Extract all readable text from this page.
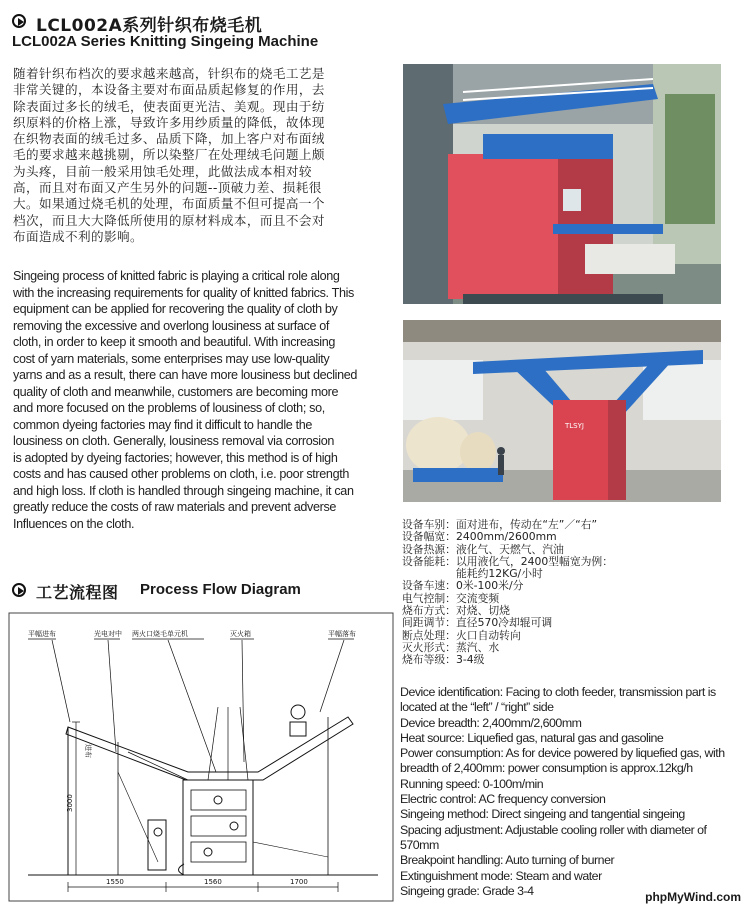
LCL002A系列针织布烧毛机
LCL002A Series Knitting Singeing Machine
随着针织布档次的要求越来越高，针织布的烧毛工艺是
非常关键的，本设备主要对布面品质起修复的作用，去
除表面过多长的绒毛，使表面更光洁、美观。现由于纺
织原料的价格上涨，导致许多用纱质量的降低，故体现
在织物表面的绒毛过多、品质下降，加上客户对布面绒
毛的要求越来越挑剔，所以染整厂在处理绒毛问题上颇
为头疼，目前一般采用蚀毛处理，此做法成本相对较
高，而且对布面又产生另外的问题--顶破力差、损耗很
大。如果通过烧毛机的处理，布面质量不但可提高一个
档次，而且大大降低所使用的原材料成本，而且不会对
布面造成不利的影响。
Singeing process of knitted fabric is playing a critical role along
with the increasing requirements for quality of knitted fabrics. This
equipment can be applied for recovering the quality of cloth by
removing the excessive and overlong lousiness at surface of
cloth, in order to keep it smooth and beautiful. With increasing
cost of yarn materials, some enterprises may use low-quality
yarns and as a result, there can have more lousiness but declined
quality of cloth and meanwhile, customers are becoming more
and more focused on the problems of lousiness of cloth; so,
common dyeing factories may find it difficult to handle the
lousiness on cloth. Generally, lousiness removal via corrosion
is adopted by dyeing factories; however, this method is of high
costs and has caused other problems on cloth, i.e. poor strength
and high loss. If cloth is handled through singeing machine, it can
greatly reduce the costs of raw materials and prevent adverse
Influences on the cloth.
TLSYJ
工艺流程图 Process Flow Diagram
平幅进布	光电对中 两火口烧毛单元机	灭火箱	平幅落布
进布
3000
1550	1560	1700
设备车别：面对进布，传动在“左”／“右”
设备幅宽：2400mm/2600mm
设备热源：液化气、天燃气、汽油
设备能耗：以用液化气，2400型幅宽为例：
　　　　　能耗约12KG/小时
设备车速：0米-100米/分
电气控制：交流变频
烧布方式：对烧、切烧
间距调节：直径570冷却辊可调
断点处理：火口自动转向
灭火形式：蒸汽、水
烧布等级：3-4级
Device identification: Facing to cloth feeder, transmission part is located at the “left” / “right” side
Device breadth: 2,400mm/2,600mm
Heat source: Liquefied gas, natural gas and gasoline
Power consumption: As for device powered by liquefied gas, with breadth of 2,400mm: power consumption is approx.12kg/h
Running speed: 0-100m/min
Electric control: AC frequency conversion
Singeing method: Direct singeing and tangential singeing
Spacing adjustment: Adjustable cooling roller with diameter of 570mm
Breakpoint handling: Auto turning of burner
Extinguishment mode: Steam and water
Singeing grade: Grade 3-4	phpMyWind.com
